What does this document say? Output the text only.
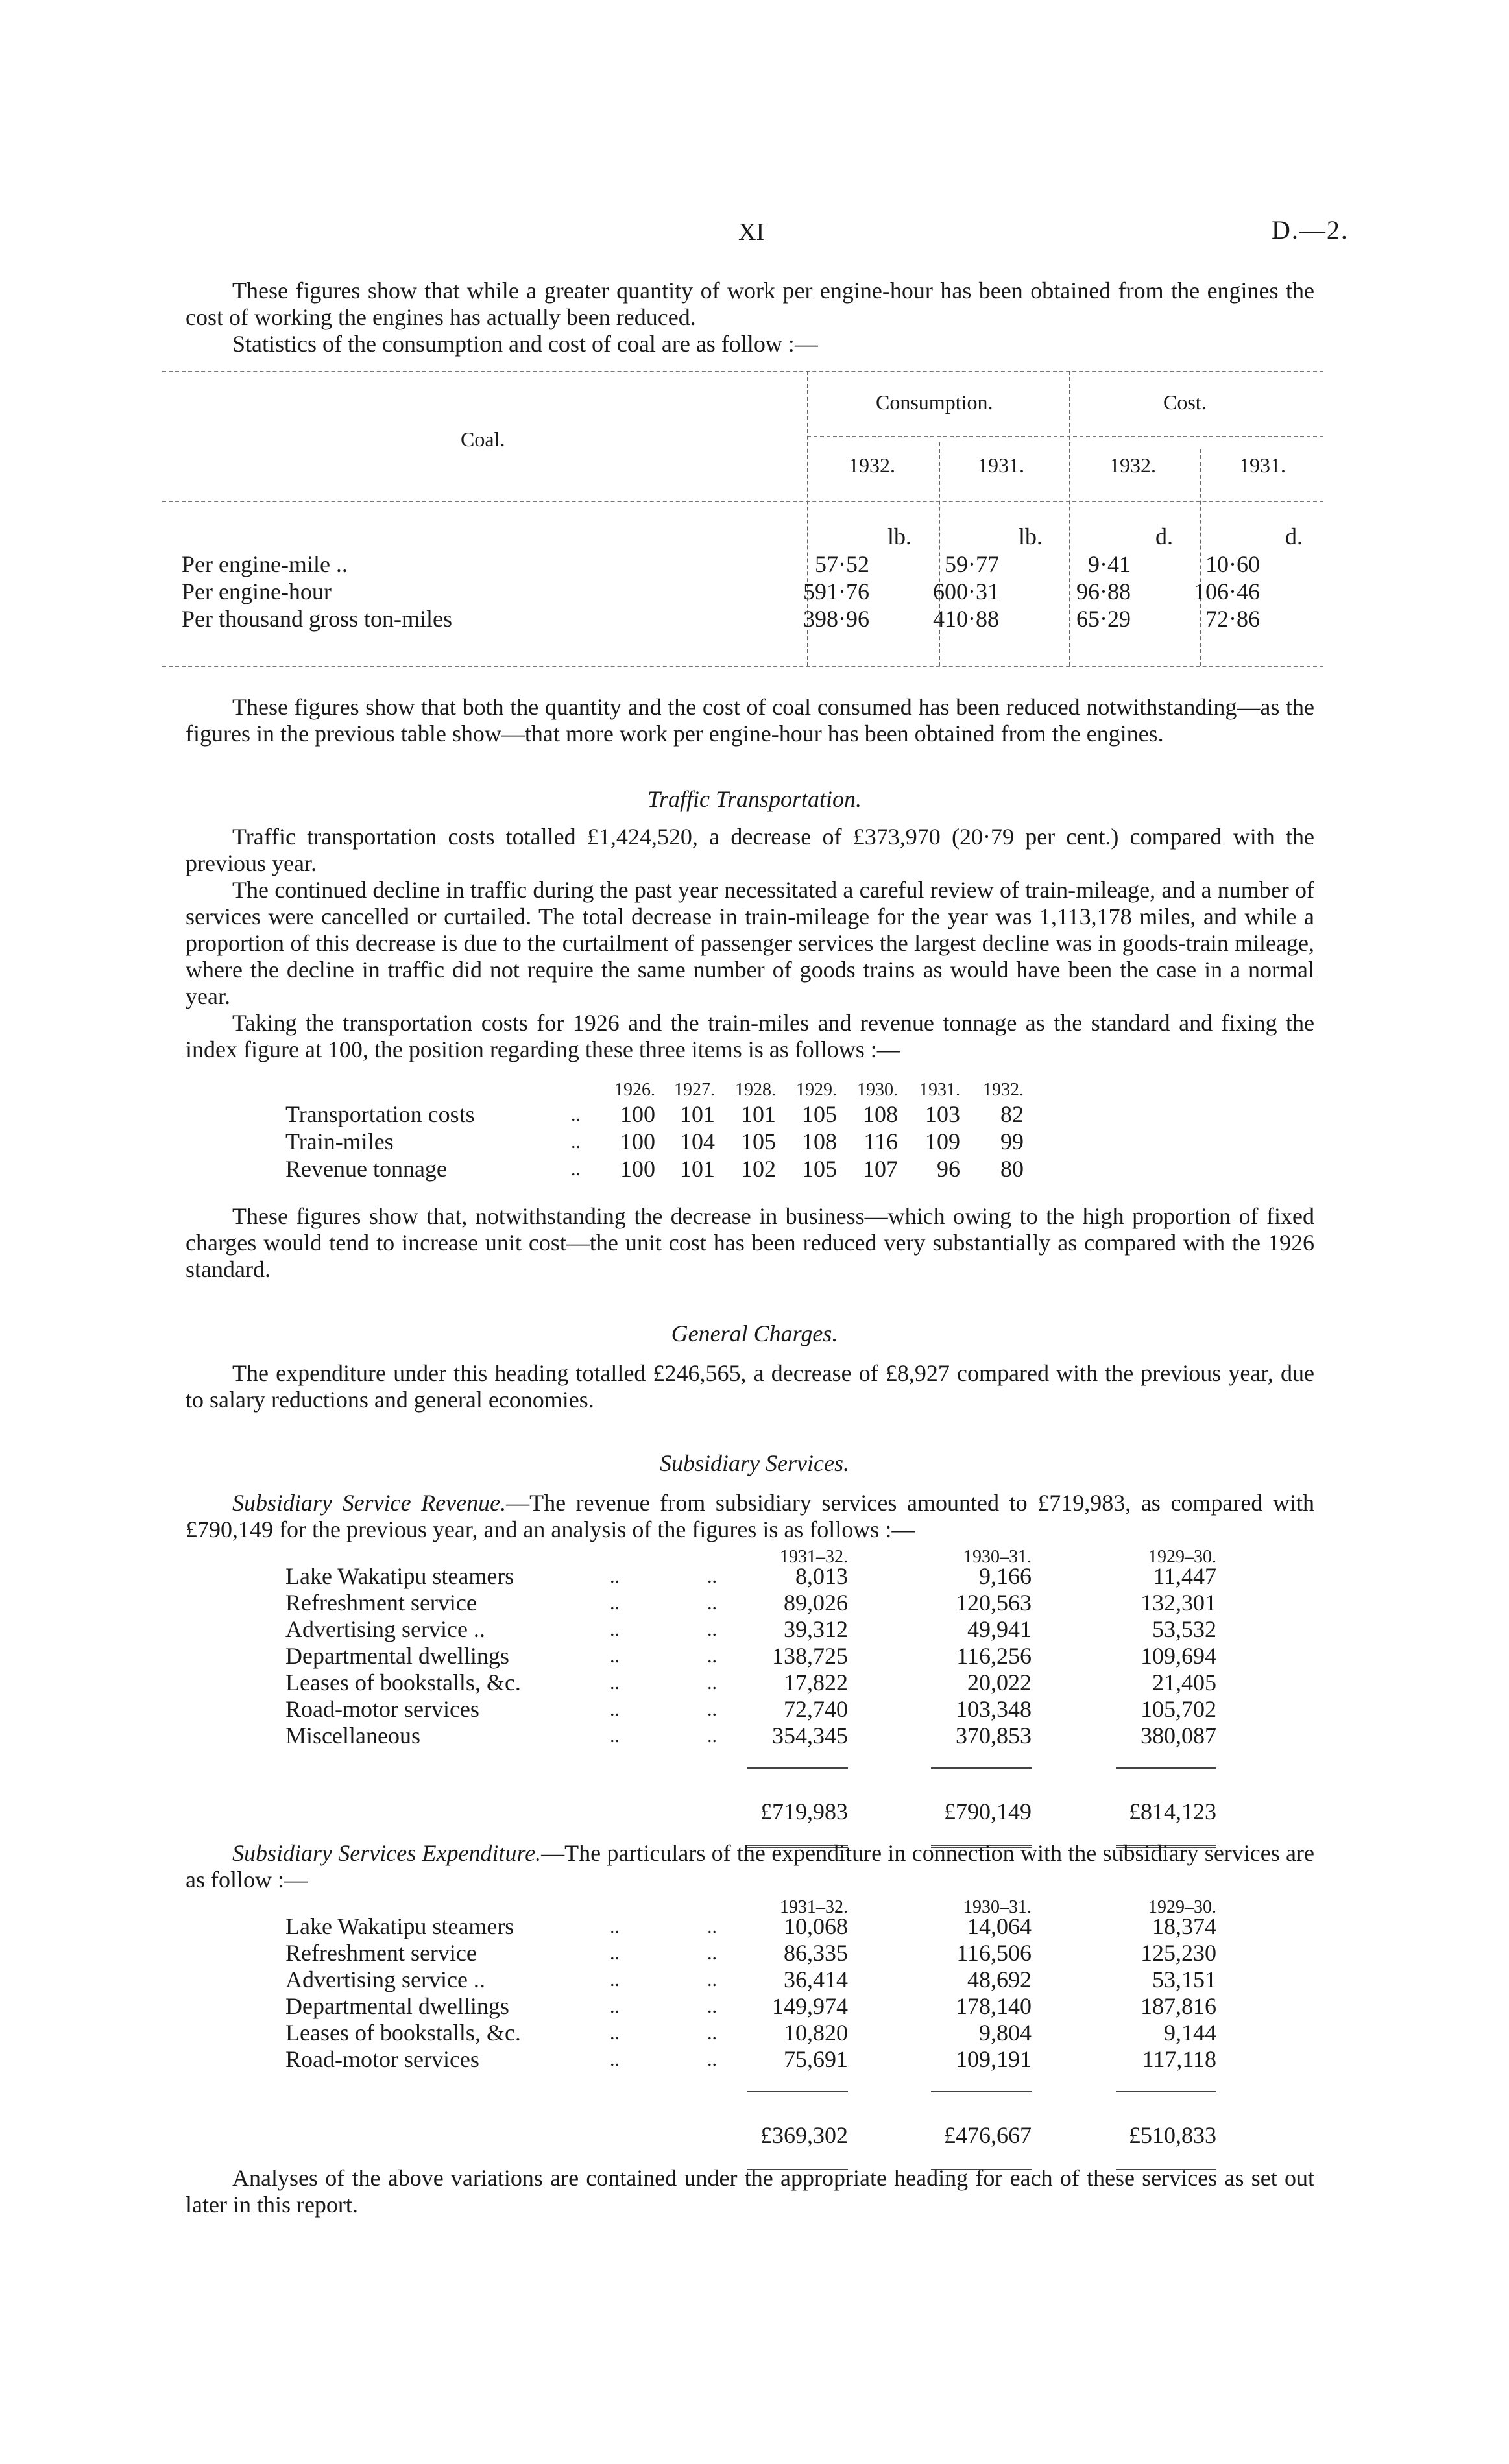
XI	D.—2.

These figures show that while a greater quantity of work per engine-hour has been obtained from the engines the cost of working the engines has actually been reduced.

Statistics of the consumption and cost of coal are as follow :—

Coal.
Consumption.	Cost.
1932.	1931.	1932.	1931.
lb.	lb.	d.	d.
Per engine-mile ..	57·52	59·77	9·41	10·60
Per engine-hour	591·76	600·31	96·88	106·46
Per thousand gross ton-miles	398·96	410·88	65·29	72·86

These figures show that both the quantity and the cost of coal consumed has been reduced notwithstanding—as the figures in the previous table show—that more work per engine-hour has been obtained from the engines.

Traffic Transportation.

Traffic transportation costs totalled £1,424,520, a decrease of £373,970 (20·79 per cent.) compared with the previous year.

The continued decline in traffic during the past year necessitated a careful review of train-mileage, and a number of services were cancelled or curtailed. The total decrease in train-mileage for the year was 1,113,178 miles, and while a proportion of this decrease is due to the curtailment of passenger services the largest decline was in goods-train mileage, where the decline in traffic did not require the same number of goods trains as would have been the case in a normal year.

Taking the transportation costs for 1926 and the train-miles and revenue tonnage as the standard and fixing the index figure at 100, the position regarding these three items is as follows :—

1926.	1927.	1928.	1929.	1930.	1931.	1932.
Transportation costs	..	100	101	101	105	108	103	82
Train-miles	..	100	104	105	108	116	109	99
Revenue tonnage	..	100	101	102	105	107	96	80

These figures show that, notwithstanding the decrease in business—which owing to the high proportion of fixed charges would tend to increase unit cost—the unit cost has been reduced very substantially as compared with the 1926 standard.

General Charges.

The expenditure under this heading totalled £246,565, a decrease of £8,927 compared with the previous year, due to salary reductions and general economies.

Subsidiary Services.

Subsidiary Service Revenue.—The revenue from subsidiary services amounted to £719,983, as compared with £790,149 for the previous year, and an analysis of the figures is as follows :—

1931–32.	1930–31.	1929–30.
Lake Wakatipu steamers	..	..	8,013	9,166	11,447
Refreshment service	..	..	89,026	120,563	132,301
Advertising service ..	..	..	39,312	49,941	53,532
Departmental dwellings	..	..	138,725	116,256	109,694
Leases of bookstalls, &c.	..	..	17,822	20,022	21,405
Road-motor services	..	..	72,740	103,348	105,702
Miscellaneous	..	..	354,345	370,853	380,087
£719,983	£790,149	£814,123

Subsidiary Services Expenditure.—The particulars of the expenditure in connection with the subsidiary services are as follow :—

1931–32.	1930–31.	1929–30.
Lake Wakatipu steamers	..	..	10,068	14,064	18,374
Refreshment service	..	..	86,335	116,506	125,230
Advertising service ..	..	..	36,414	48,692	53,151
Departmental dwellings	..	..	149,974	178,140	187,816
Leases of bookstalls, &c.	..	..	10,820	9,804	9,144
Road-motor services	..	..	75,691	109,191	117,118
£369,302	£476,667	£510,833

Analyses of the above variations are contained under the appropriate heading for each of these services as set out later in this report.
